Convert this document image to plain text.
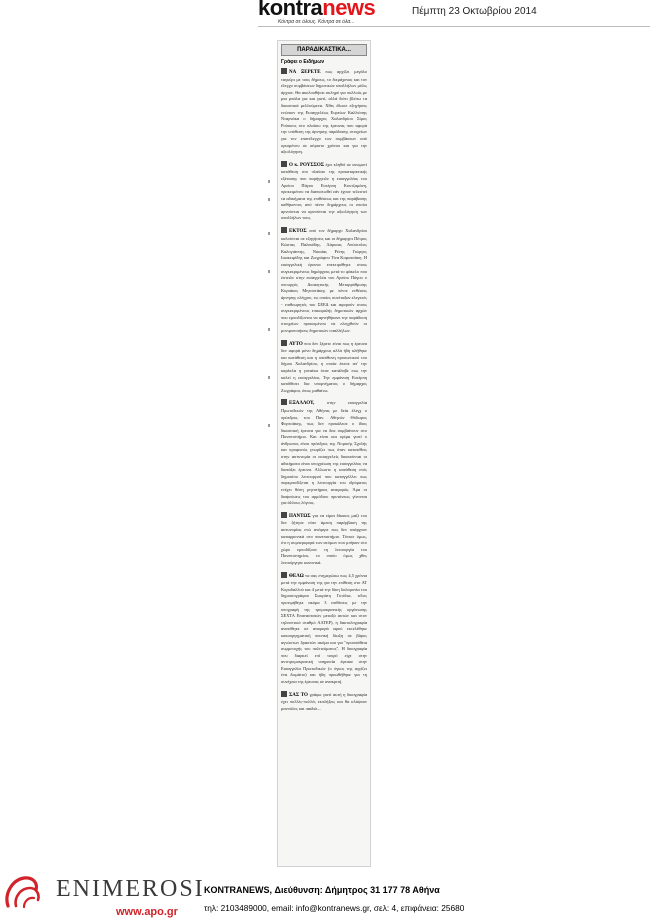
kontranews
Κόντρα σε όλους. Κόντρα σε όλα...
Πέμπτη 23 Οκτωβρίου 2014
ΠΑΡΑΔΙΚΑΣΤΙΚΑ...
Γράφει ο Ειδήμων

ΝΑ ΞΕΡΕΤΕ πως αρχίζει μεγάλο ταγκύρι με τους δήμους, το διεμάχονας και τον έλεγχο συμβάσεων δημοτικών υπαλλήλων μόλις άρχισε. Θα ακολουθήσει σκληρό για πολλούς με μια μπάλα για και γιατί, αλλά διότι βλέπω τα δικαστικά μελλούμενα. Χθες έδωσε εξηγήσεις ενώπιον της Εισαγγελέως Ευρείων Καλλιόπης Νταρνάκα ο δήμαρχος Χαλανδρίου Σίμος Ρούσσος στο πλαίσιο της έρευνας που αφορά την υπόθεση της άρνησης παράδοσης στοιχείων για τον επανέλεγχο των συμβάσεων από ορισμένου σε αόριστο χρόνου και για την αξιολόγηση.

Ο κ. ΡΟΥΣΣΟΣ έχει κληθεί σε ανωμοτί κατάθεση στο πλαίσιο της προκαταρκτικής εξέτασης που παρήγγειλε η εισαγγελέας του Αρείου Πάγου Ευτέρπη Κουτζαμάνη, προκειμένου να διαπιστωθεί εάν έχουν τελεστεί τα αδικήματα της επιθέσεως και της παράβασης καθήκοντος από πέντε δημάρχους οι οποίοι αρνούνται να αρνούνται την αξιολόγηση των υπαλλήλων τους.

ΕΚΤΟΣ από τον δήμαρχο Χαλανδρίου καλούνται σε εξηγήσεις και οι δήμαρχοι Πέτρος Κώστας Παλαιόδης, Λάρισας Απόστολος Καλογιάννης, Νικαίας Ρένης Γιώργος Ιωακειμίδης και Ζωγράφου Τίνα Κοφατσάκη. Η εισαγγελική έρευνα επεκτιρόθηκε στους συγκεκριμένους δημάρχους μετά το φάκελο που έστειλε στην εισαγγελέα του Αρείου Πάγου ο υπουργός Διοικητικής Μεταρρύθμισης Κυριάκος Μητσοτάκης με πέντε ενθέσεις άρνησης ελέγχου, τις οποίες συνέταξαν ελεγκτές - επιθεωρητές του ΣΕΕΔ και αφορούν στους συγκεκριμένους επικεφαλής δημοτικών αρχών που εμποδίζονται να αρνηθήκανε την παράδοση στοιχείων προκειμένου να ελεγχθούν οι μονιμοποιήσεις δημοτικών υπαλλήλων.

ΑΥΤΟ που δεν ξέρετε είναι πως η έρευνα δεν αφορά μόνο δημάρχους αλλά ήδη κλήθηκε και κατάθεση και η υπεύθυνη προσωπικού του δήμου Χαλανδρίου, η οποία έπεσε απ' την καρέκλα η γυναίκα όταν κατάλαβε πως την καλεί η εισαγγελέας. Την εμφάνιση Ευτέρπη κατάθέσει δια υπομνήματος ο δήμαρχος Ζωγράφου, όπως μαθαίνω.

ΕΞΑΛΛΟΥ,	στην εισαγγελία Πρωτοδικών της Αθήνας με δεία έλεγχ ο πρόεδρος του Παν. Αθηνών Θόδωρος Φορτσάκης, πως δεν προκάλεσε ο ίδιος δικαστική έρευνα για να δεα συμβαίνουν στο Πανεπιστήμιο. Και είναι και κρίμα γιατί ο άνθρωπος είναι πρόεδρος της Νομικής Σχολής και προφανώς γνωρίζει πως όταν κατατέθεις στην αστυνομία οι εισαγγελείς δικαιούνται οι αδικήματα είναι υποχρέωση της εισαγγελέας να διατάξει έρευνα. Αλλωστε η κατάθεση ενός δημοσίου λειτουργού που καταγγέλλει πως παρεμποδίζεται η λειτουργία του ιδρύματος ενέχει θέση μηνυτήριας αναφοράς. Άρα οι διαψεύσεις του αρμόδιου πρυτάνεως γίνονται για άλλους λόγους.

ΠΑΝΤΩΣ για να είμαι δίκαιος μαζί του δεν ζήτησε ούτε άμεση παρέμβαση της αστυνομίας ενώ ανέφερε πως δεν υπάρχουν καταφρονικά στο πανεπιστήμιο. Τόνισε όμως, ότι η συμπεριφορά των ατόμων που μπήκαν στο χώρο εμποδίζουν τη λειτουργία του Πανεπιστημίου, το οποίο όμως χθες λειτούργησε κανονικά.

ΘΕΛΩ να σας ενημερώσω πως 4,5 χρόνια μετά την εμφάνιση της για την επίθεση στο ΑΤ Κορυδαλλού και 4 μετά την δίκη δολοφονία του δημοσιογράφου Σωκράτη Γκιόλια, τέλος προτιμήθηκε ακόμα 3 επιθέσεις με την υπογραφή της τρομοκρατικής οργάνωσης ΣΕΧΤΑ Επαναστατών μεταξύ αυτών και στον τηλεοπτικό σταθμό ΑΛΤΕΡ), η δακτυλογραφία ανατέθηκε σε αναφορά αφού εκτελέθηκε κακουργηματική ποινική δίωξη σε βάρος αγνώστων δραστών ακόμα και για "προσπάθεια συμμετοχής του πολιτεύματος". Η δικογραφία που διαρκεί επί τουρό είχε στην αντιτρομοκρατική υπηρεσία έφτασε στην Εισαγγελία Πρωτοδικών (ο όγκος της αγγίζει ένα δωμάτιο) και ήδη προωθήθηκε για τη συνέχεια της έρευνας σε ανακριτή.

ΣΑΣ ΤΟ γράφω γιατί αυτή η δικογραφία έχει πολλές-πολλές εκπλήξεις και θα κλάψουν μανούλες και παιδιά....

ENIMEROSI
www.apo.gr
KONTRANEWS, Διεύθυνση: Δήμητρος 31 177 78 Αθήνα
τηλ: 2103489000, email: info@kontranews.gr, σελ: 4, επιφάνεια: 25680
